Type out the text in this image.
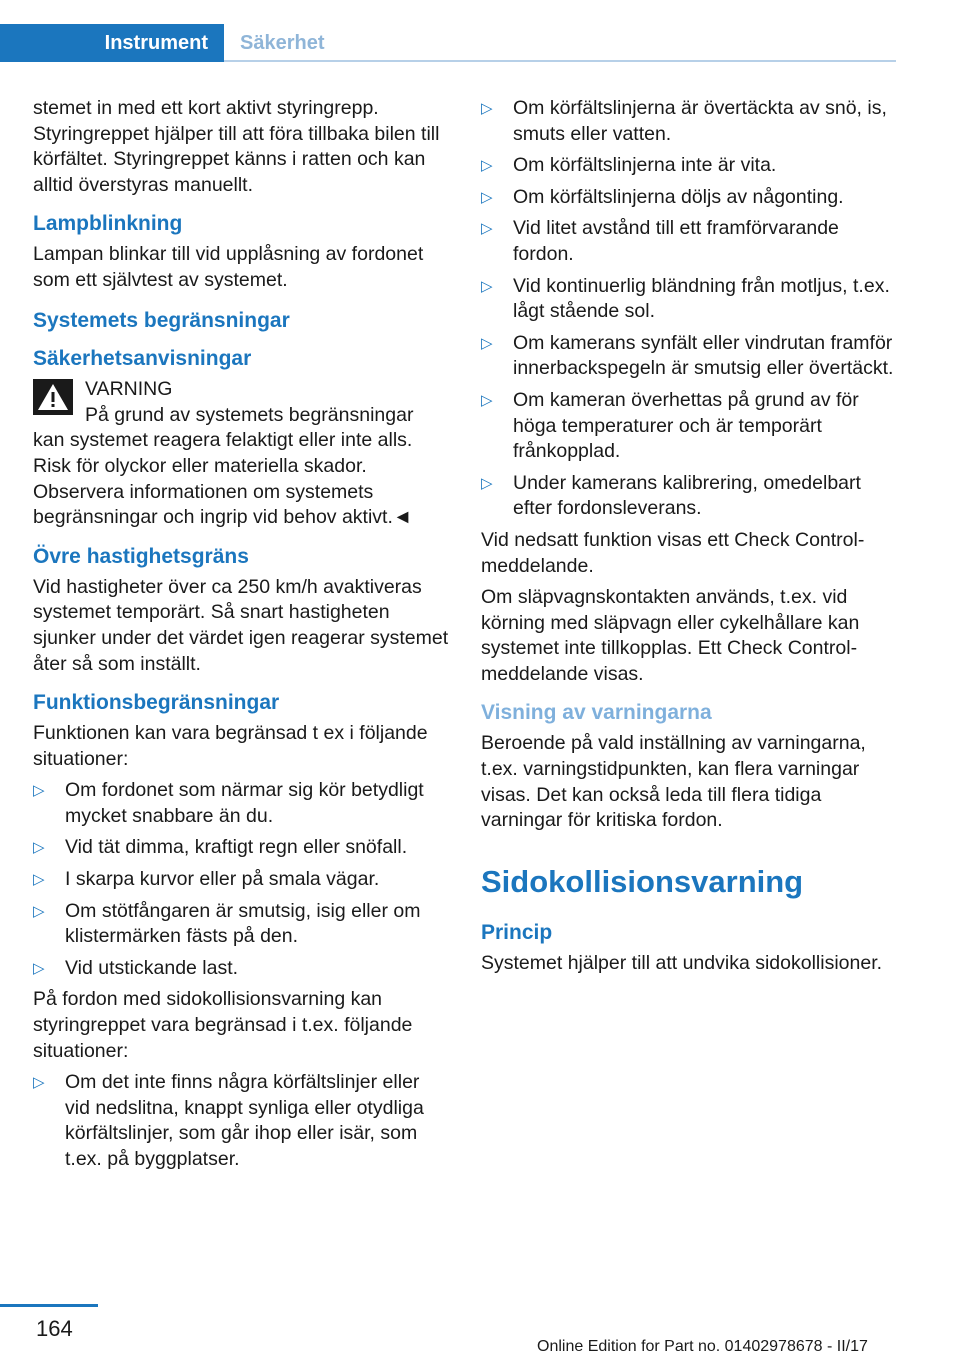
Instrument	Säkerhet

stemet in med ett kort aktivt styringrepp. Styringreppet hjälper till att föra tillbaka bilen till körfältet. Styringreppet känns i ratten och kan alltid överstyras manuellt.

Lampblinkning

Lampan blinkar till vid upplåsning av fordonet som ett självtest av systemet.

Systemets begränsningar
Säkerhetsanvisningar
VARNING
På grund av systemets begränsningar kan systemet reagera felaktigt eller inte alls. Risk för olyckor eller materiella skador. Observera informationen om systemets begränsningar och ingrip vid behov aktivt.◄
Övre hastighetsgräns

Vid hastigheter över ca 250 km/h avaktiveras systemet temporärt. Så snart hastigheten sjunker under det värdet igen reagerar systemet åter så som inställt.

Funktionsbegränsningar

Funktionen kan vara begränsad t ex i följande situationer:

▷ Om fordonet som närmar sig kör betydligt mycket snabbare än du.
▷ Vid tät dimma, kraftigt regn eller snöfall.
▷ I skarpa kurvor eller på smala vägar.
▷ Om stötfångaren är smutsig, isig eller om klistermärken fästs på den.
▷ Vid utstickande last.

På fordon med sidokollisionsvarning kan styringreppet vara begränsad i t.ex. följande situationer:

▷ Om det inte finns några körfältslinjer eller vid nedslitna, knappt synliga eller otydliga körfältslinjer, som går ihop eller isär, som t.ex. på byggplatser.
▷ Om körfältslinjerna är övertäckta av snö, is, smuts eller vatten.
▷ Om körfältslinjerna inte är vita.
▷ Om körfältslinjerna döljs av någonting.
▷ Vid litet avstånd till ett framförvarande fordon.
▷ Vid kontinuerlig bländning från motljus, t.ex. lågt stående sol.
▷ Om kamerans synfält eller vindrutan framför innerbackspegeln är smutsig eller övertäckt.
▷ Om kameran överhettas på grund av för höga temperaturer och är temporärt frånkopplad.
▷ Under kamerans kalibrering, omedelbart efter fordonsleverans.

Vid nedsatt funktion visas ett Check Control-meddelande.

Om släpvagnskontakten används, t.ex. vid körning med släpvagn eller cykelhållare kan systemet inte tillkopplas. Ett Check Control-meddelande visas.

Visning av varningarna

Beroende på vald inställning av varningarna, t.ex. varningstidpunkten, kan flera varningar visas. Det kan också leda till flera tidiga varningar för kritiska fordon.

Sidokollisionsvarning
Princip

Systemet hjälper till att undvika sidokollisioner.

164
Online Edition for Part no. 01402978678 - II/17
